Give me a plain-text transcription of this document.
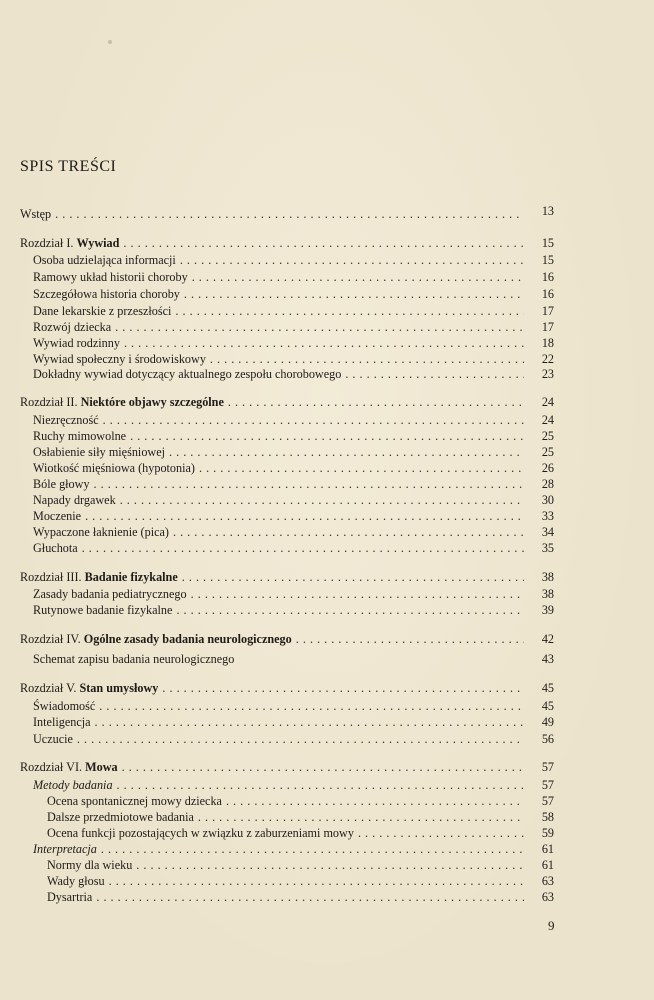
SPIS TREŚCI
Wstęp . . .	13
Rozdział I. Wywiad . . .	15
Osoba udzielająca informacji . . .	15
Ramowy układ historii choroby . . .	16
Szczegółowa historia choroby . . .	16
Dane lekarskie z przeszłości . . .	17
Rozwój dziecka . . .	17
Wywiad rodzinny . . .	18
Wywiad społeczny i środowiskowy . . .	22
Dokładny wywiad dotyczący aktualnego zespołu chorobowego . . .	23
Rozdział II. Niektóre objawy szczególne . . .	24
Niezręczność . . .	24
Ruchy mimowolne . . .	25
Osłabienie siły mięśniowej . . .	25
Wiotkość mięśniowa (hypotonia) . . .	26
Bóle głowy . . .	28
Napady drgawek . . .	30
Moczenie . . .	33
Wypaczone łaknienie (pica) . . .	34
Głuchota . . .	35
Rozdział III. Badanie fizykalne . . .	38
Zasady badania pediatrycznego . . .	38
Rutynowe badanie fizykalne . . .	39
Rozdział IV. Ogólne zasady badania neurologicznego . . .	42
Schemat zapisu badania neurologicznego	43
Rozdział V. Stan umysłowy . . .	45
Świadomość . . .	45
Inteligencja . . .	49
Uczucie . . .	56
Rozdział VI. Mowa . . .	57
Metody badania . . .	57
Ocena spontanicznej mowy dziecka . . .	57
Dalsze przedmiotowe badania . . .	58
Ocena funkcji pozostających w związku z zaburzeniami mowy . . .	59
Interpretacja . . .	61
Normy dla wieku . . .	61
Wady głosu . . .	63
Dysartria . . .	63
9
